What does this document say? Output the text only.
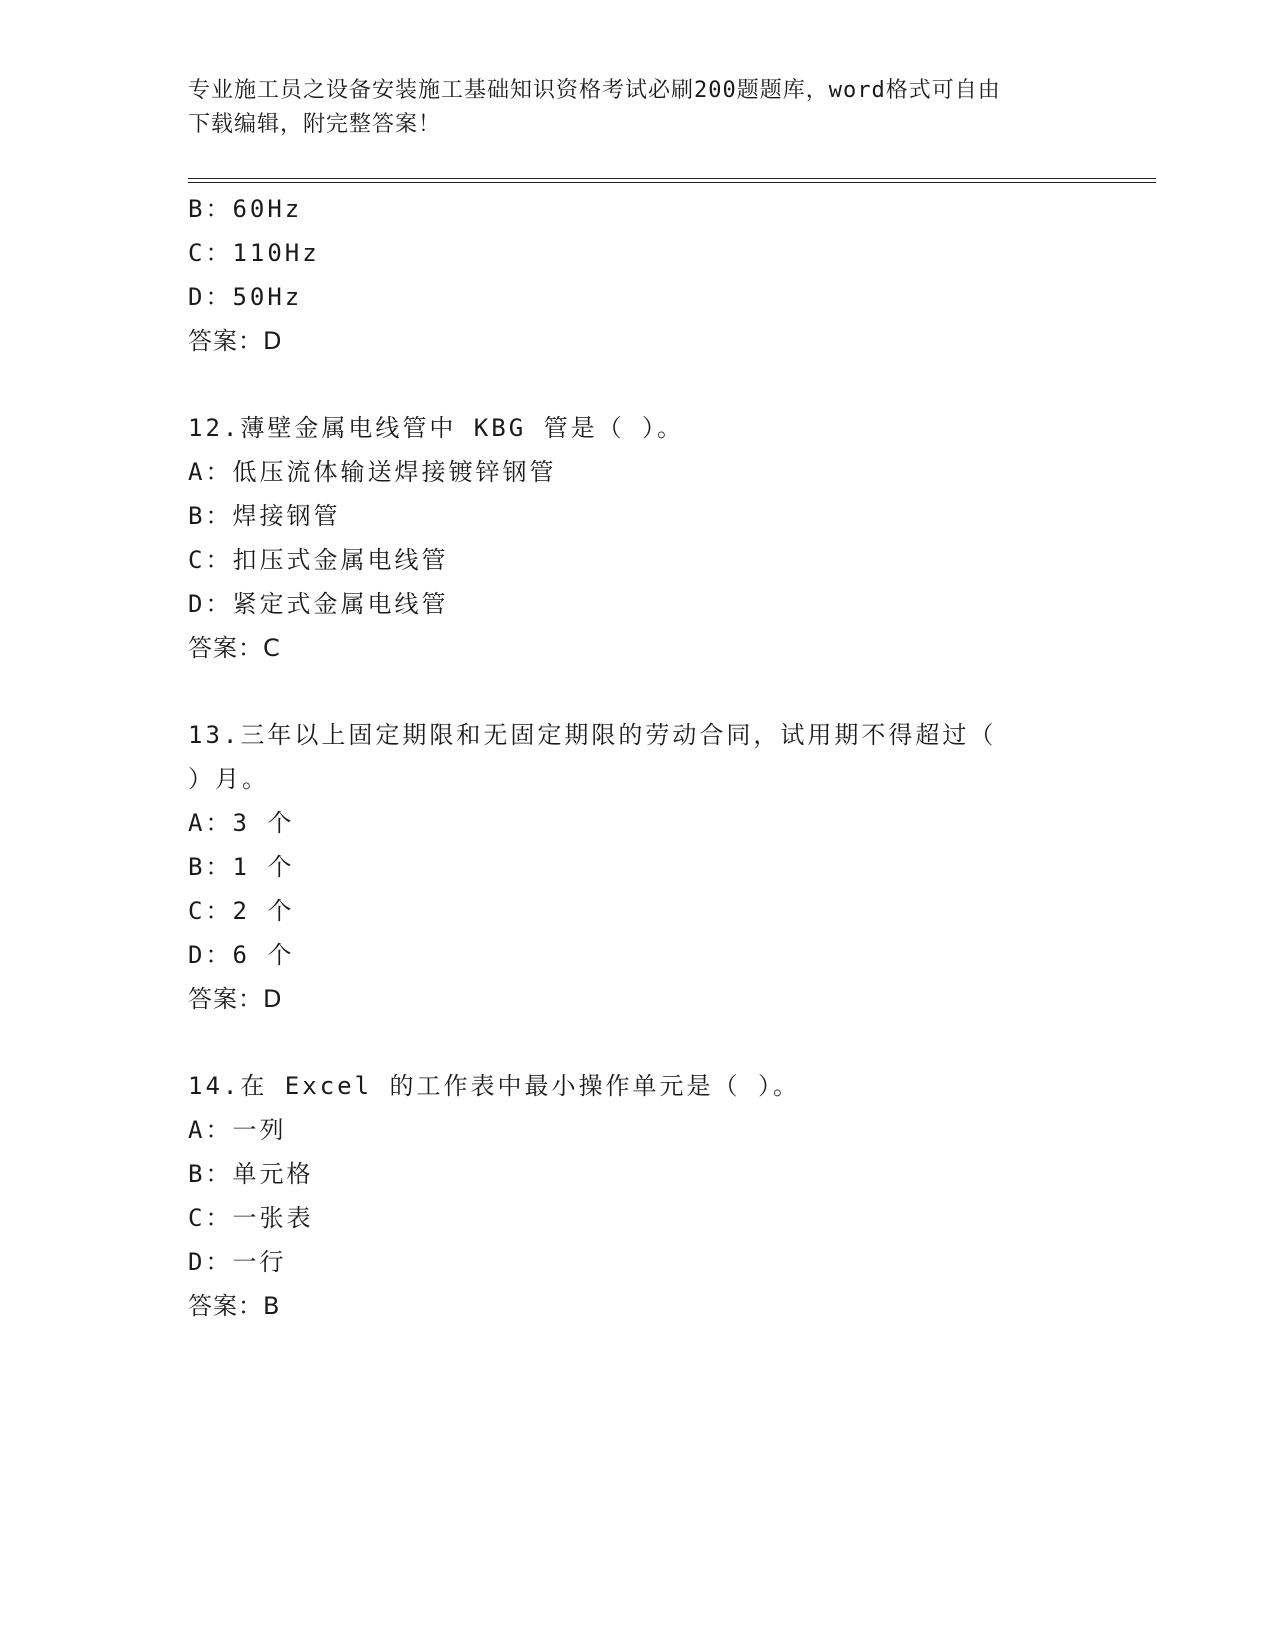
专业施工员之设备安装施工基础知识资格考试必刷200题题库，word格式可自由
下载编辑，附完整答案！
B：60Hz
C：110Hz
D：50Hz
答案：D
12.薄壁金属电线管中 KBG 管是（ ）。
A：低压流体输送焊接镀锌钢管
B：焊接钢管
C：扣压式金属电线管
D：紧定式金属电线管
答案：C
13.三年以上固定期限和无固定期限的劳动合同，试用期不得超过（
）月。
A：3 个
B：1 个
C：2 个
D：6 个
答案：D
14.在 Excel 的工作表中最小操作单元是（ ）。
A：一列
B：单元格
C：一张表
D：一行
答案：B
